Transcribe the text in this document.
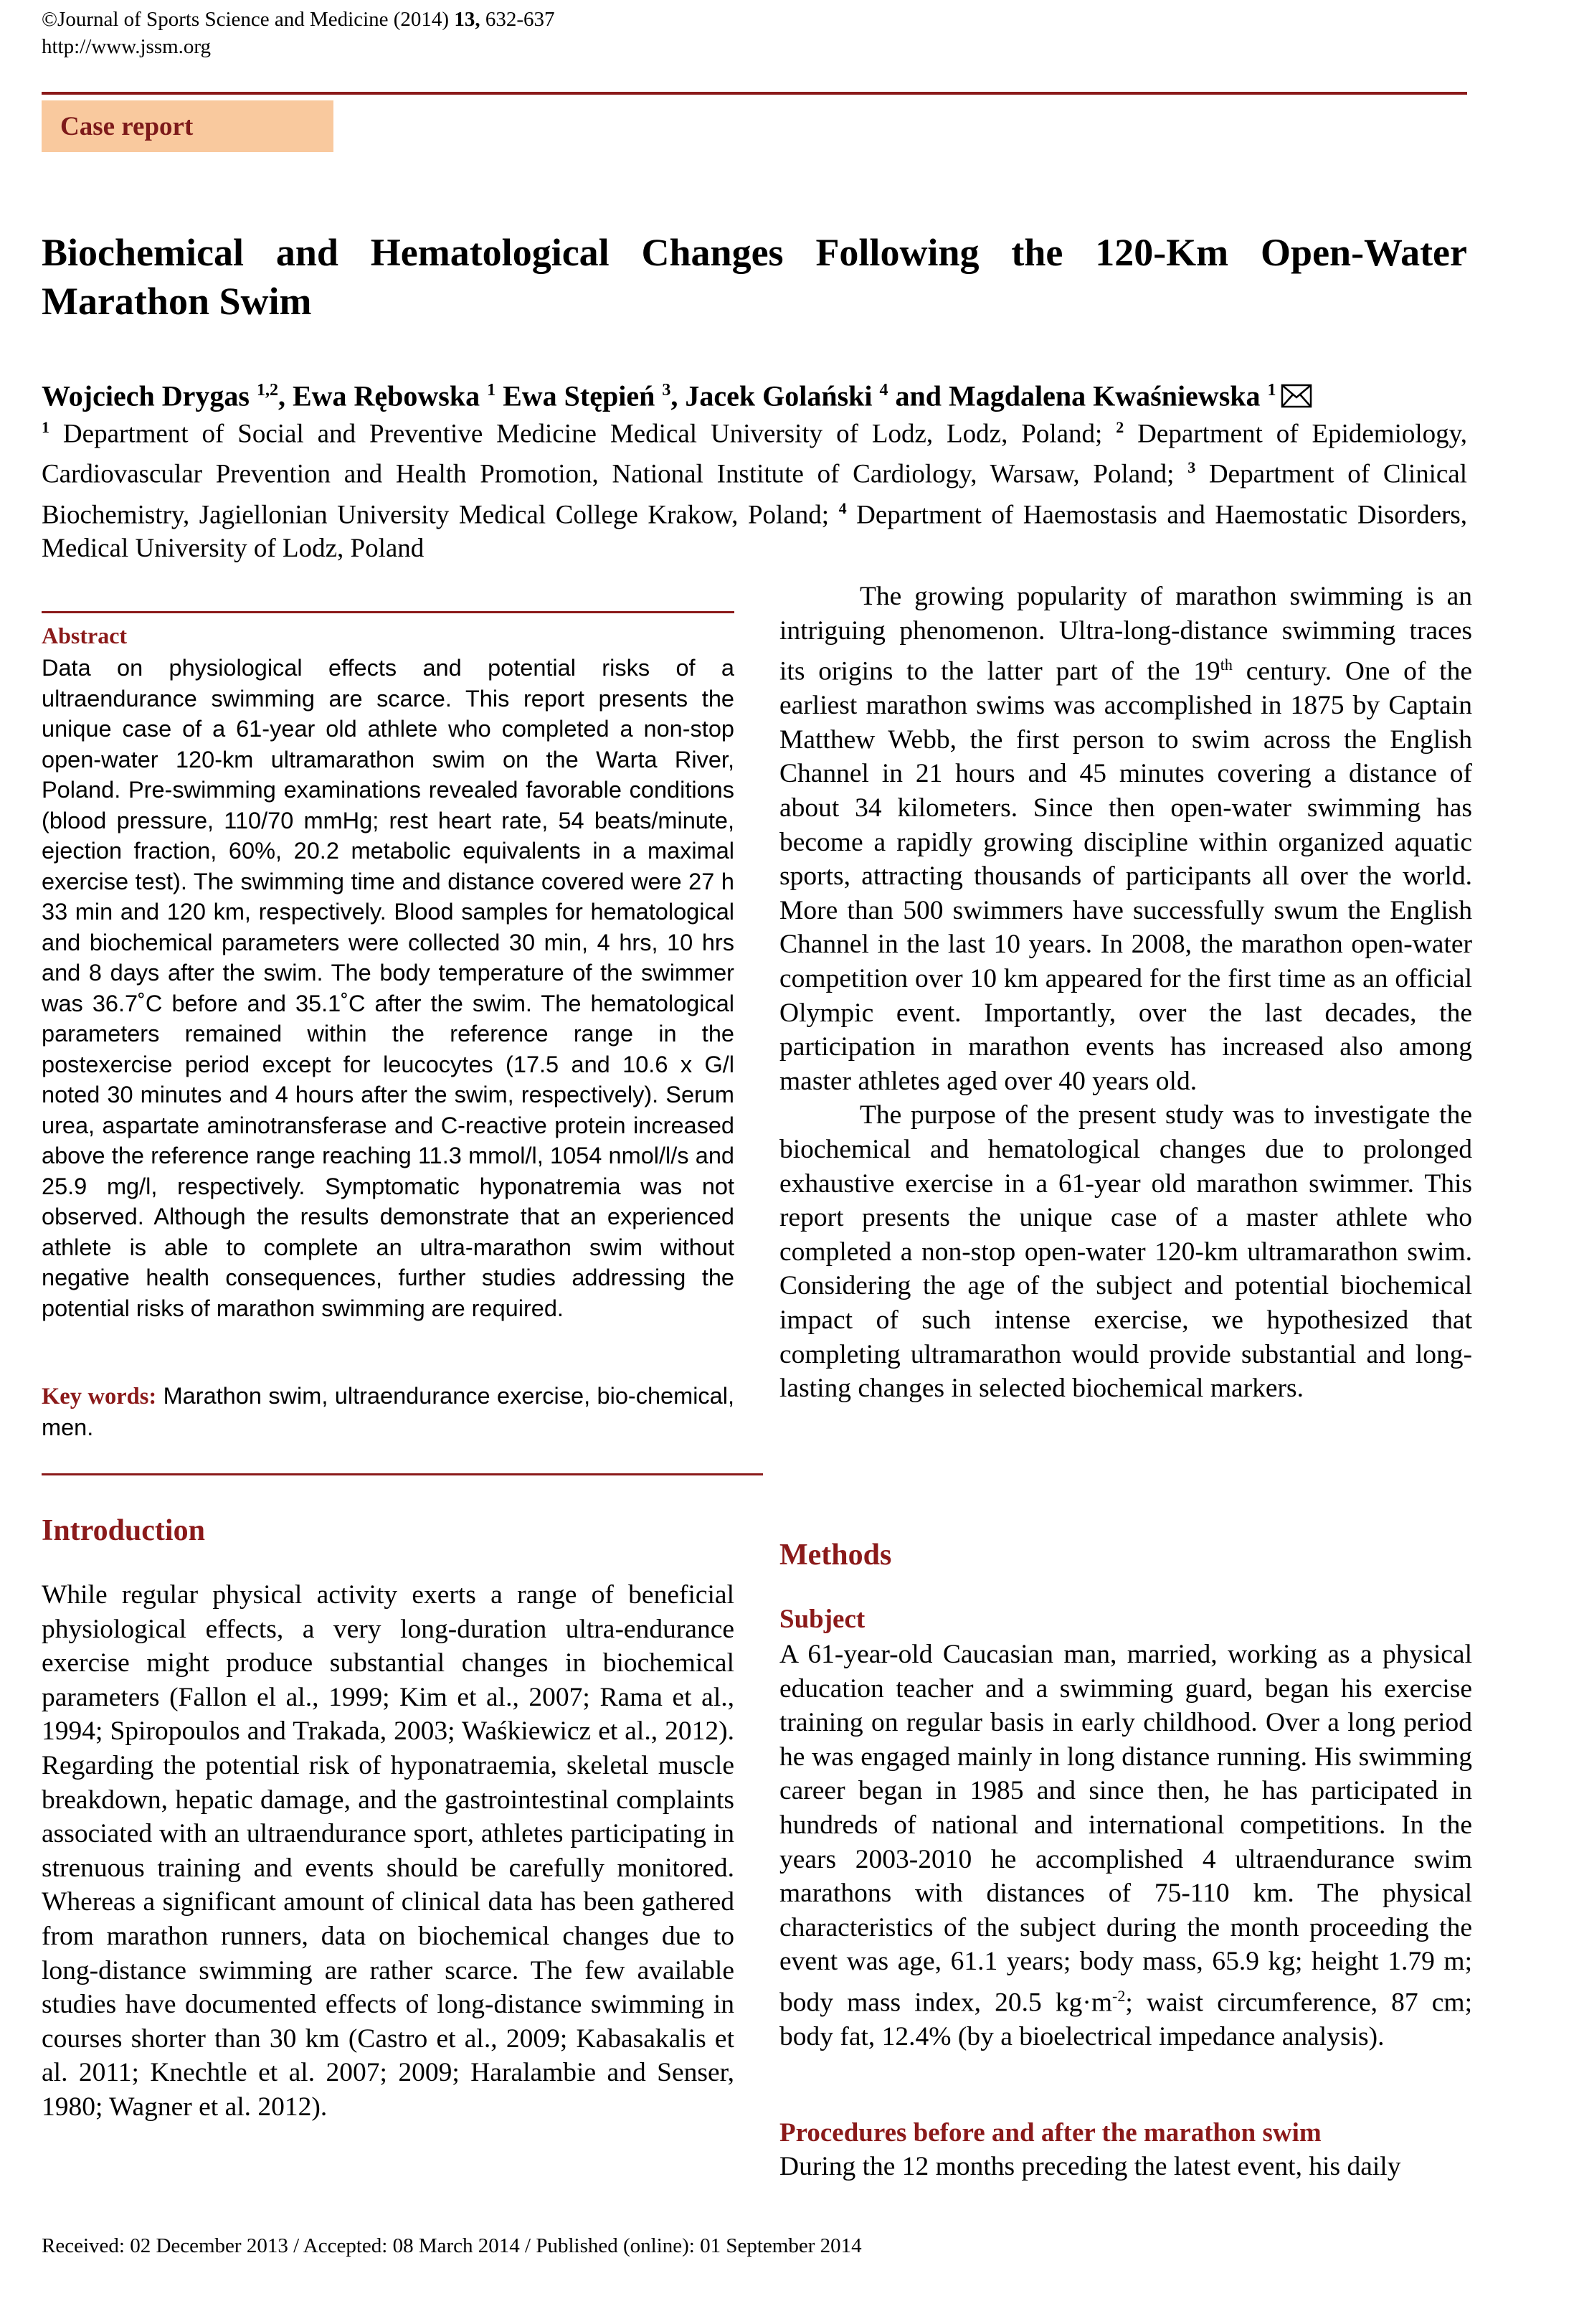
©Journal of Sports Science and Medicine (2014) 13, 632-637
http://www.jssm.org
Case report
Biochemical and Hematological Changes Following the 120-Km Open-Water Marathon Swim
Wojciech Drygas $^{1,2}$, Ewa Rębowska $^1$ Ewa Stępień $^3$, Jacek Golański $^4$ and Magdalena Kwaśniewska $^1$
$^1$ Department of Social and Preventive Medicine Medical University of Lodz, Lodz, Poland; $^2$ Department of Epidemiology, Cardiovascular Prevention and Health Promotion, National Institute of Cardiology, Warsaw, Poland; $^3$ Department of Clinical Biochemistry, Jagiellonian University Medical College Krakow, Poland; $^4$ Department of Haemostasis and Haemostatic Disorders, Medical University of Lodz, Poland
Abstract
Data on physiological effects and potential risks of a ultraendurance swimming are scarce. This report presents the unique case of a 61-year old athlete who completed a non-stop open-water 120-km ultramarathon swim on the Warta River, Poland. Pre-swimming examinations revealed favorable conditions (blood pressure, 110/70 mmHg; rest heart rate, 54 beats/minute, ejection fraction, 60%, 20.2 metabolic equivalents in a maximal exercise test). The swimming time and distance covered were 27 h 33 min and 120 km, respectively. Blood samples for hematological and biochemical parameters were collected 30 min, 4 hrs, 10 hrs and 8 days after the swim. The body temperature of the swimmer was 36.7˚C before and 35.1˚C after the swim. The hematological parameters remained within the reference range in the postexercise period except for leucocytes (17.5 and 10.6 x G/l noted 30 minutes and 4 hours after the swim, respectively). Serum urea, aspartate aminotransferase and C-reactive protein increased above the reference range reaching 11.3 mmol/l, 1054 nmol/l/s and 25.9 mg/l, respectively. Symptomatic hyponatremia was not observed. Although the results demonstrate that an experienced athlete is able to complete an ultra-marathon swim without negative health consequences, further studies addressing the potential risks of marathon swimming are required.
Key words: Marathon swim, ultraendurance exercise, bio-chemical, men.
Introduction

While regular physical activity exerts a range of beneficial physiological effects, a very long-duration ultra-endurance exercise might produce substantial changes in biochemical parameters (Fallon el al., 1999; Kim et al., 2007; Rama et al., 1994; Spiropoulos and Trakada, 2003; Waśkiewicz et al., 2012). Regarding the potential risk of hyponatraemia, skeletal muscle breakdown, hepatic damage, and the gastrointestinal complaints associated with an ultraendurance sport, athletes participating in strenuous training and events should be carefully monitored. Whereas a significant amount of clinical data has been gathered from marathon runners, data on biochemical changes due to long-distance swimming are rather scarce. The few available studies have documented effects of long-distance swimming in courses shorter than 30 km (Castro et al., 2009; Kabasakalis et al. 2011; Knechtle et al. 2007; 2009; Haralambie and Senser, 1980; Wagner et al. 2012).

The growing popularity of marathon swimming is an intriguing phenomenon. Ultra-long-distance swimming traces its origins to the latter part of the 19th century. One of the earliest marathon swims was accomplished in 1875 by Captain Matthew Webb, the first person to swim across the English Channel in 21 hours and 45 minutes covering a distance of about 34 kilometers. Since then open-water swimming has become a rapidly growing discipline within organized aquatic sports, attracting thousands of participants all over the world. More than 500 swimmers have successfully swum the English Channel in the last 10 years. In 2008, the marathon open-water competition over 10 km appeared for the first time as an official Olympic event. Importantly, over the last decades, the participation in marathon events has increased also among master athletes aged over 40 years old.

The purpose of the present study was to investigate the biochemical and hematological changes due to prolonged exhaustive exercise in a 61-year old marathon swimmer. This report presents the unique case of a master athlete who completed a non-stop open-water 120-km ultramarathon swim. Considering the age of the subject and potential biochemical impact of such intense exercise, we hypothesized that completing ultramarathon would provide substantial and long-lasting changes in selected biochemical markers.

Methods
Subject

A 61-year-old Caucasian man, married, working as a physical education teacher and a swimming guard, began his exercise training on regular basis in early childhood. Over a long period he was engaged mainly in long distance running. His swimming career began in 1985 and since then, he has participated in hundreds of national and international competitions. In the years 2003-2010 he accomplished 4 ultraendurance swim marathons with distances of 75-110 km. The physical characteristics of the subject during the month proceeding the event was age, 61.1 years; body mass, 65.9 kg; height 1.79 m; body mass index, 20.5 $kg\cdot m^{-2}$; waist circumference, 87 cm; body fat, 12.4% (by a bioelectrical impedance analysis).

Procedures before and after the marathon swim

During the 12 months preceding the latest event, his daily

Received: 02 December 2013 / Accepted: 08 March 2014 / Published (online): 01 September 2014
